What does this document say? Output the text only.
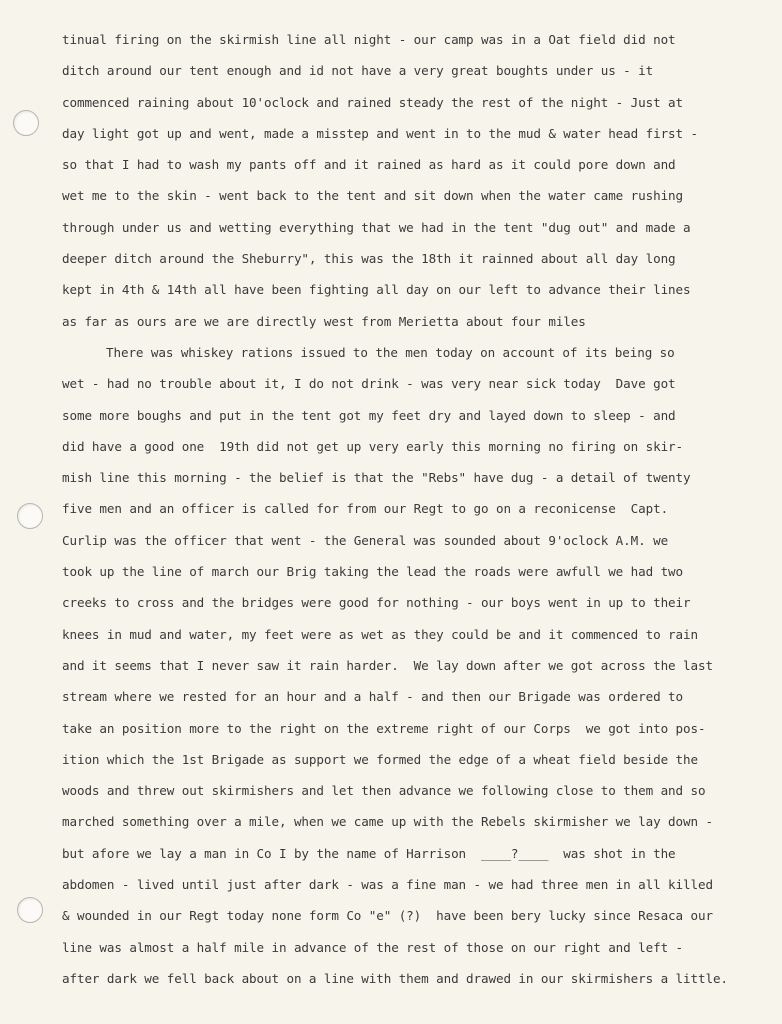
tinual firing on the skirmish line all night - our camp was in a Oat field did not
ditch around our tent enough and id not have a very great boughts under us - it
commenced raining about 10'oclock and rained steady the rest of the night - Just at
day light got up and went, made a misstep and went in to the mud & water head first -
so that I had to wash my pants off and it rained as hard as it could pore down and
wet me to the skin - went back to the tent and sit down when the water came rushing
through under us and wetting everything that we had in the tent "dug out" and made a
deeper ditch around the Sheburry", this was the 18th it rainned about all day long
kept in 4th & 14th all have been fighting all day on our left to advance their lines
as far as ours are we are directly west from Merietta about four miles
There was whiskey rations issued to the men today on account of its being so
wet - had no trouble about it, I do not drink - was very near sick today  Dave got
some more boughs and put in the tent got my feet dry and layed down to sleep - and
did have a good one  19th did not get up very early this morning no firing on skir-
mish line this morning - the belief is that the "Rebs" have dug - a detail of twenty
five men and an officer is called for from our Regt to go on a reconicense  Capt.
Curlip was the officer that went - the General was sounded about 9'oclock A.M. we
took up the line of march our Brig taking the lead the roads were awfull we had two
creeks to cross and the bridges were good for nothing - our boys went in up to their
knees in mud and water, my feet were as wet as they could be and it commenced to rain
and it seems that I never saw it rain harder.  We lay down after we got across the last
stream where we rested for an hour and a half - and then our Brigade was ordered to
take an position more to the right on the extreme right of our Corps  we got into pos-
ition which the 1st Brigade as support we formed the edge of a wheat field beside the
woods and threw out skirmishers and let then advance we following close to them and so
marched something over a mile, when we came up with the Rebels skirmisher we lay down -
but afore we lay a man in Co I by the name of Harrison  ____?____  was shot in the
abdomen - lived until just after dark - was a fine man - we had three men in all killed
& wounded in our Regt today none form Co "e" (?)  have been bery lucky since Resaca our
line was almost a half mile in advance of the rest of those on our right and left -
after dark we fell back about on a line with them and drawed in our skirmishers a little.
